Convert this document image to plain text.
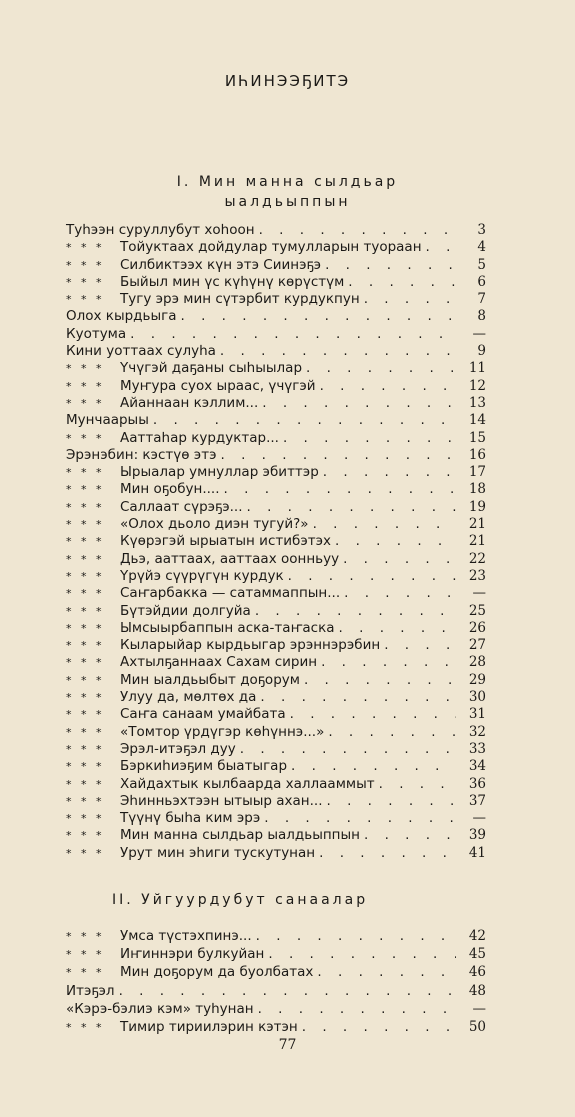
ИҺИНЭЭҔИТЭ
I. Мин манна сылдьар
ыалдьыппын
Туһээн суруллубут хоһоон . . .	3
* * *	Тойуктаах дойдулар тумулларын туораан . . .	4
* * *	Силбиктээх күн этэ Сиинэҕэ . . .	5
* * *	Быйыл мин үс күһүнү көрүстүм . . .	6
* * *	Тугу эрэ мин сүтэрбит курдукпун . . .	7
Олох кырдьыга . . .	8
Куотума . . .	—
Кини уоттаах сулуһа . . .	9
* * *	Үчүгэй даҕаны сыһыылар . . .	11
* * *	Муҥура суох ыраас, үчүгэй . . .	12
* * *	Айаннаан кэллим... . . .	13
Мунчаарыы . . .	14
* * *	Ааттаһар курдуктар... . . .	15
Эрэнэбин: кэстүө этэ . . .	16
* * *	Ырыалар умнуллар эбиттэр . . .	17
* * *	Мин оҕобун.... . . .	18
* * *	Саллаат сүрэҕэ... . . .	19
* * *	«Олох дьоло диэн тугуй?» . . .	21
* * *	Күөрэгэй ырыатын истибэтэх . . .	21
* * *	Дьэ, ааттаах, ааттаах оонньуу . . .	22
* * *	Үрүйэ сүүрүгүн курдук . . .	23
* * *	Саҥарбакка — сатаммаппын... . . .	—
* * *	Бүтэйдии долгуйа . . .	25
* * *	Ымсыырбаппын аска-таҥаска . . .	26
* * *	Кыларыйар кырдьыгар эрэннэрэбин . . .	27
* * *	Ахтылҕаннаах Сахам сирин . . .	28
* * *	Мин ыалдьыбыт доҕорум . . .	29
* * *	Улуу да, мөлтөх да . . .	30
* * *	Саҥа санаам умайбата . . .	31
* * *	«Томтор үрдүгэр көһүннэ...» . . .	32
* * *	Эрэл-итэҕэл дуу . . .	33
* * *	Бэркиһиэҕим быатыгар . . .	34
* * *	Хайдахтык кылбаарда халлааммыт . . .	36
* * *	Эһинньэхтээн ытыыр ахан... . . .	37
* * *	Түүнү быһа ким эрэ . . .	—
* * *	Мин манна сылдьар ыалдьыппын . . .	39
* * *	Урут мин эһиги тускутунан . . .	41
II. Уйгуурдубут санаалар
* * *	Умса түстэхпинэ... . . .	42
* * *	Иҥиннэри булкуйан . . .	45
* * *	Мин доҕорум да буолбатах . . .	46
Итэҕэл . . .	48
«Кэрэ-бэлиэ кэм» туһунан . . .	—
* * *	Тимир тириилэрин кэтэн . . .	50
77
